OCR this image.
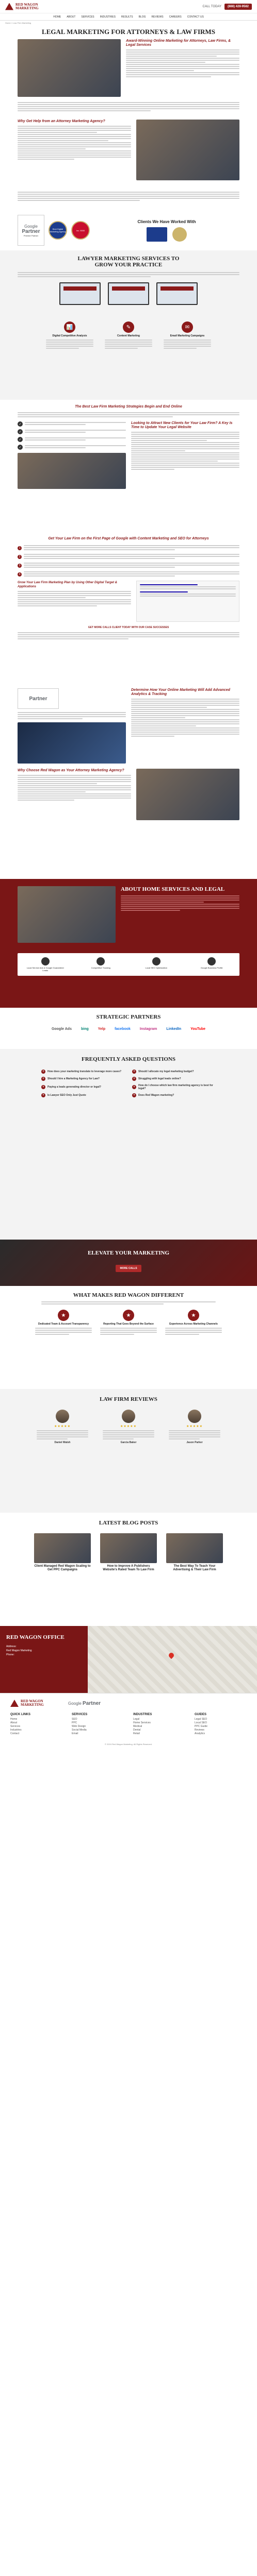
RED WAGON
MARKETING	CALL TODAY	(888) 428-9582
HOME ABOUT SERVICES INDUSTRIES RESULTS BLOG REVIEWS CAREERS CONTACT US
Home » Law Firm Marketing
LEGAL MARKETING FOR ATTORNEYS & LAW FIRMS
Award-Winning Online Marketing for Attorneys, Law Firms, & Legal Services
Why Get Help from an Attorney Marketing Agency?
Google
Partner
Premier Partner
Best Digital Marketing Agency	Inc. 5000
Clients We Have Worked With
LAWYER MARKETING SERVICES TO GROW YOUR PRACTICE
📊
Digital Competitive Analysis
✎
Content Marketing
✉
Email Marketing Campaigns
The Best Law Firm Marketing Strategies Begin and End Online
✓
✓
✓
✓
Looking to Attract New Clients for Your Law Firm? A Key Is Time to Update Your Legal Website
Get Your Law Firm on the First Page of Google with Content Marketing and SEO for Attorneys
1
2
3
4
Grow Your Law Firm Marketing Plan by Using Other Digital Target & Applications
GET MORE CALLS CLIENT TODAY WITH OUR CASE SUCCESSES
Partner
Determine How Your Online Marketing Will Add Advanced Analytics & Tracking
Why Choose Red Wagon as Your Attorney Marketing Agency?
ABOUT HOME SERVICES AND LEGAL
Local Service Ads & Google Guaranteed Leads
Competitive Tracking	Local SEO Optimization	Google Business Profile
STRATEGIC PARTNERS
Google Ads	bing	Yelp	facebook	Instagram	LinkedIn	YouTube
FREQUENTLY ASKED QUESTIONS
+	How does your marketing translate to leverage more cases?	+	Should I allocate my legal marketing budget?
+	Should I hire a Marketing Agency for Law?	+	Struggling with legal leads online?
+	Paying a leads generating director or legal?	+	How do I choose which law firm marketing agency is best for legal?
+	Is Lawyer SEO Only Just Quote	+	Does Red Wagon marketing?
ELEVATE YOUR MARKETING
MORE CALLS
WHAT MAKES RED WAGON DIFFERENT
★
Dedicated Team & Account Transparency
★
Reporting That Goes Beyond the Surface
★
Experience Across Marketing Channels
LAW FIRM REVIEWS
★★★★★
Daniel Walsh
★★★★★
Garcia Baker
★★★★★
Jason Parker
LATEST BLOG POSTS
Client Managed Red Wagon Scaling to Get PPC Campaigns
How to Improve A Publishers Website’s Rated Team To Law Firm
The Best Way To Teach Your Advertising & Their Law Firm
RED WAGON OFFICE
Address:
Red Wagon Marketing
Phone:
RED WAGON
MARKETING	Google Partner
QUICK LINKS
Home
About
Services
Industries
Contact
SERVICES
SEO
PPC
Web Design
Social Media
Email
INDUSTRIES
Legal
Home Services
Medical
Dental
Retail
GUIDES
Legal SEO
Local SEO
PPC Guide
Reviews
Analytics
© 2024 Red Wagon Marketing. All Rights Reserved.
